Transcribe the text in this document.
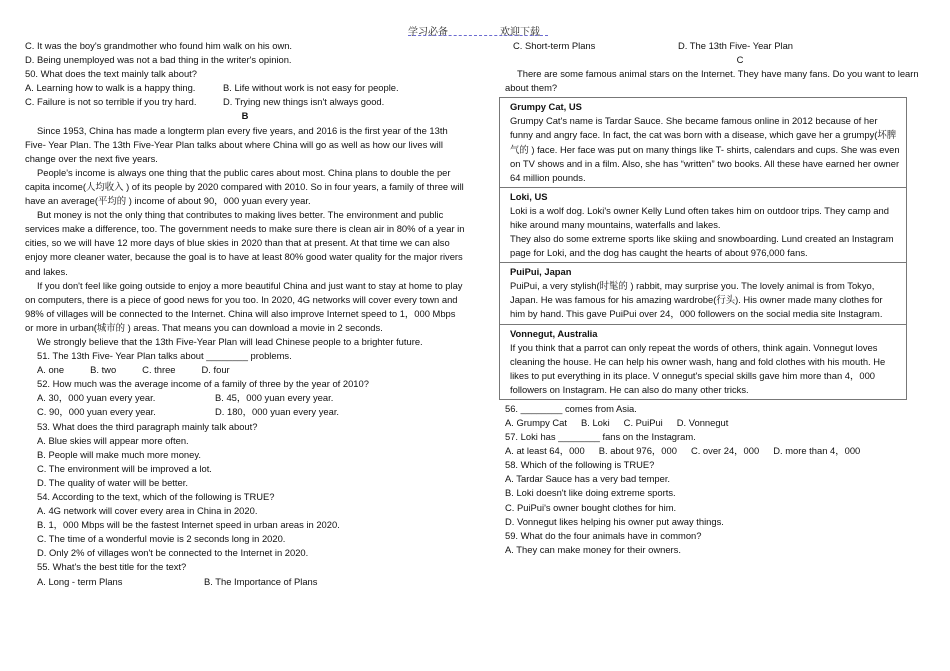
学习必备	欢迎下载
C. It was the boy's grandmother who found him walk on his own.
D. Being unemployed was not a bad thing in the writer's opinion.
50. What does the text mainly talk about?
A. Learning how to walk is a happy thing.	B. Life without work is not easy for people.
C. Failure is not so terrible if you try hard.	D. Trying new things isn't always good.
B
Since 1953, China has made a longterm plan every five years, and 2016 is the first year of the 13th Five- Year Plan. The 13th Five-Year Plan talks about where China will go as well as how our lives will change over the next five years.
People's income is always one thing that the public cares about most. China plans to double the per capita income(人均收入 ) of its people by 2020 compared with 2010. So in four years, a family of three will have an average(平均的 ) income of about 90，000 yuan every year.
But money is not the only thing that contributes to making lives better. The environment and public services make a difference, too. The government needs to make sure there is clean air in 80% of a year in cities, so we will have 12 more days of blue skies in 2020 than that at present. At that time we can also enjoy more cleaner water, because the goal is to have at least 80% good water quality for the major rivers and lakes.
If you don't feel like going outside to enjoy a more beautiful China and just want to stay at home to play on computers, there is a piece of good news for you too. In 2020, 4G networks will cover every town and 98% of villages will be connected to the Internet. China will also improve Internet speed to 1，000 Mbps or more in urban(城市的 ) areas. That means you can download a movie in 2 seconds.
We strongly believe that the 13th Five-Year Plan will lead Chinese people to a brighter future.
51. The 13th Five- Year Plan talks about ________ problems.
A. one	B. two	C. three	D. four
52. How much was the average income of a family of three by the year of 2010?
A. 30，000 yuan every year.	B. 45，000 yuan every year.
C. 90，000 yuan every year.	D. 180，000 yuan every year.
53. What does the third paragraph mainly talk about?
A. Blue skies will appear more often.
B. People will make much more money.
C. The environment will be improved a lot.
D. The quality of water will be better.
54. According to the text, which of the following is TRUE?
A. 4G network will cover every area in China in 2020.
B. 1，000 Mbps will be the fastest Internet speed in urban areas in 2020.
C. The time of a wonderful movie is 2 seconds long in 2020.
D. Only 2% of villages won't be connected to the Internet in 2020.
55. What's the best title for the text?
A. Long - term Plans	B. The Importance of Plans
C. Short-term Plans	D. The 13th Five- Year Plan
C
There are some famous animal stars on the Internet. They have many fans. Do you want to learn about them?
Grumpy Cat, US

Grumpy Cat's name is Tardar Sauce. She became famous online in 2012 because of her funny and angry face. In fact, the cat was born with a disease, which gave her a grumpy(坏脾气的 ) face. Her face was put on many things like T- shirts, calendars and cups. She was even on TV shows and in a film. Also, she has “written” two books. All these have earned her owner 64 million pounds.

Loki, US

Loki is a wolf dog. Loki's owner Kelly Lund often takes him on outdoor trips. They camp and hike around many mountains, waterfalls and lakes.

They also do some extreme sports like skiing and snowboarding. Lund created an Instagram page for Loki, and the dog has caught the hearts of about 976,000 fans.

PuiPui, Japan

PuiPui, a very stylish(时髦的 ) rabbit, may surprise you. The lovely animal is from Tokyo, Japan. He was famous for his amazing wardrobe(行头). His owner made many clothes for him by hand. This gave PuiPui over 24，000 followers on the social media site Instagram.

Vonnegut, Australia

If you think that a parrot can only repeat the words of others, think again. Vonnegut loves cleaning the house. He can help his owner wash, hang and fold clothes with his mouth. He likes to put everything in its place. V onnegut's special skills gave him more than 4，000 followers on Instagram. He can also do many other tricks.

56. ________ comes from Asia.
A. Grumpy Cat B. Loki C. PuiPui D. Vonnegut
57. Loki has ________ fans on the Instagram.
A. at least 64，000 B. about 976，000 C. over 24，000 D. more than 4，000
58. Which of the following is TRUE?
A. Tardar Sauce has a very bad temper.
B. Loki doesn't like doing extreme sports.
C. PuiPui's owner bought clothes for him.
D. Vonnegut likes helping his owner put away things.
59. What do the four animals have in common?
A. They can make money for their owners.
